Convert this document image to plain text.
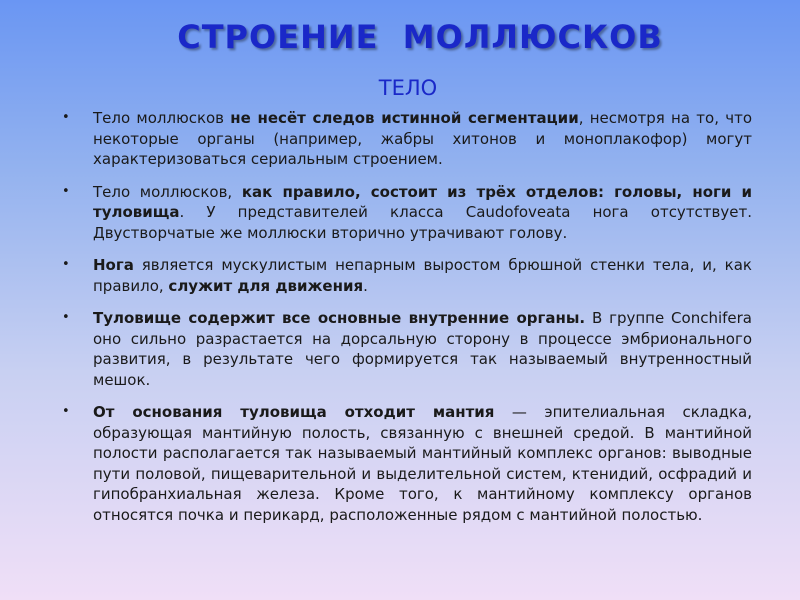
СТРОЕНИЕ  МОЛЛЮСКОВ
ТЕЛО
• Тело моллюсков не несёт следов истинной сегментации, несмотря на то, что некоторые органы (например, жабры хитонов и моноплакофор) могут характеризоваться сериальным строением.
• Тело моллюсков, как правило, состоит из трёх отделов: головы, ноги и туловища. У представителей класса Caudofoveata нога отсутствует. Двустворчатые же моллюски вторично утрачивают голову.
• Нога является мускулистым непарным выростом брюшной стенки тела, и, как правило, служит для движения.
• Туловище содержит все основные внутренние органы. В группе Conchifera оно сильно разрастается на дорсальную сторону в процессе эмбрионального развития, в результате чего формируется так называемый внутренностный мешок.
• От основания туловища отходит мантия — эпителиальная складка, образующая мантийную полость, связанную с внешней средой. В мантийной полости располагается так называемый мантийный комплекс органов: выводные пути половой, пищеварительной и выделительной систем, ктенидий, осфрадий и гипобранхиальная железа. Кроме того, к мантийному комплексу органов относятся почка и перикард, расположенные рядом с мантийной полостью.
